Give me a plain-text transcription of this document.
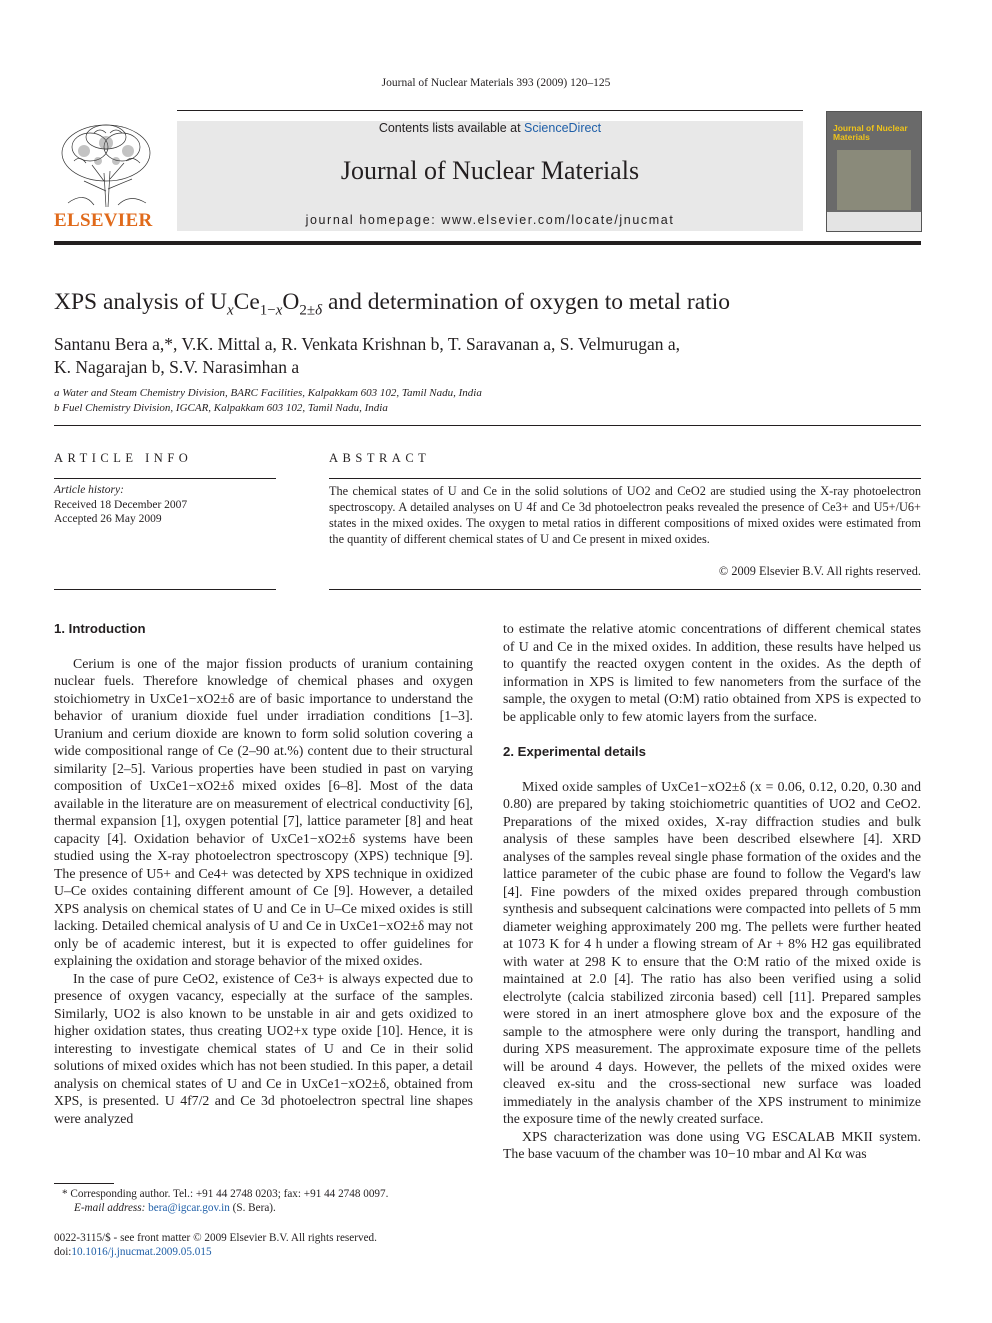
Journal of Nuclear Materials 393 (2009) 120–125
ELSEVIER
Contents lists available at ScienceDirect
Journal of Nuclear Materials
journal homepage: www.elsevier.com/locate/jnucmat
Journal of Nuclear Materials
XPS analysis of $U_xCe_{1-x}O_{2\pm\delta}$ and determination of oxygen to metal ratio
Santanu Bera a,*, V.K. Mittal a, R. Venkata Krishnan b, T. Saravanan a, S. Velmurugan a,
K. Nagarajan b, S.V. Narasimhan a
a Water and Steam Chemistry Division, BARC Facilities, Kalpakkam 603 102, Tamil Nadu, India
b Fuel Chemistry Division, IGCAR, Kalpakkam 603 102, Tamil Nadu, India
ARTICLE INFO
Article history:
Received 18 December 2007
Accepted 26 May 2009
ABSTRACT
The chemical states of U and Ce in the solid solutions of UO2 and CeO2 are studied using the X-ray photoelectron spectroscopy. A detailed analyses on U 4f and Ce 3d photoelectron peaks revealed the presence of Ce3+ and U5+/U6+ states in the mixed oxides. The oxygen to metal ratios in different compositions of mixed oxides were estimated from the quantity of different chemical states of U and Ce present in mixed oxides.
© 2009 Elsevier B.V. All rights reserved.
1. Introduction

Cerium is one of the major fission products of uranium containing nuclear fuels. Therefore knowledge of chemical phases and oxygen stoichiometry in UxCe1−xO2±δ are of basic importance to understand the behavior of uranium dioxide fuel under irradiation conditions [1–3]. Uranium and cerium dioxide are known to form solid solution covering a wide compositional range of Ce (2–90 at.%) content due to their structural similarity [2–5]. Various properties have been studied in past on varying composition of UxCe1−xO2±δ mixed oxides [6–8]. Most of the data available in the literature are on measurement of electrical conductivity [6], thermal expansion [1], oxygen potential [7], lattice parameter [8] and heat capacity [4]. Oxidation behavior of UxCe1−xO2±δ systems have been studied using the X-ray photoelectron spectroscopy (XPS) technique [9]. The presence of U5+ and Ce4+ was detected by XPS technique in oxidized U–Ce oxides containing different amount of Ce [9]. However, a detailed XPS analysis on chemical states of U and Ce in U–Ce mixed oxides is still lacking. Detailed chemical analysis of U and Ce in UxCe1−xO2±δ may not only be of academic interest, but it is expected to offer guidelines for explaining the oxidation and storage behavior of the mixed oxides.

In the case of pure CeO2, existence of Ce3+ is always expected due to presence of oxygen vacancy, especially at the surface of the samples. Similarly, UO2 is also known to be unstable in air and gets oxidized to higher oxidation states, thus creating UO2+x type oxide [10]. Hence, it is interesting to investigate chemical states of U and Ce in their solid solutions of mixed oxides which has not been studied. In this paper, a detail analysis on chemical states of U and Ce in UxCe1−xO2±δ, obtained from XPS, is presented. U 4f7/2 and Ce 3d photoelectron spectral line shapes were analyzed

to estimate the relative atomic concentrations of different chemical states of U and Ce in the mixed oxides. In addition, these results have helped us to quantify the reacted oxygen content in the oxides. As the depth of information in XPS is limited to few nanometers from the surface of the sample, the oxygen to metal (O:M) ratio obtained from XPS is expected to be applicable only to few atomic layers from the surface.

2. Experimental details

Mixed oxide samples of UxCe1−xO2±δ (x = 0.06, 0.12, 0.20, 0.30 and 0.80) are prepared by taking stoichiometric quantities of UO2 and CeO2. Preparations of the mixed oxides, X-ray diffraction studies and bulk analysis of these samples have been described elsewhere [4]. XRD analyses of the samples reveal single phase formation of the oxides and the lattice parameter of the cubic phase are found to follow the Vegard's law [4]. Fine powders of the mixed oxides prepared through combustion synthesis and subsequent calcinations were compacted into pellets of 5 mm diameter weighing approximately 200 mg. The pellets were further heated at 1073 K for 4 h under a flowing stream of Ar + 8% H2 gas equilibrated with water at 298 K to ensure that the O:M ratio of the mixed oxide is maintained at 2.0 [4]. The ratio has also been verified using a solid electrolyte (calcia stabilized zirconia based) cell [11]. Prepared samples were stored in an inert atmosphere glove box and the exposure of the sample to the atmosphere were only during the transport, handling and during XPS measurement. The approximate exposure time of the pellets will be around 4 days. However, the pellets of the mixed oxides were cleaved ex-situ and the cross-sectional new surface was loaded immediately in the analysis chamber of the XPS instrument to minimize the exposure time of the newly created surface.

XPS characterization was done using VG ESCALAB MKII system. The base vacuum of the chamber was 10−10 mbar and Al Kα was

* Corresponding author. Tel.: +91 44 2748 0203; fax: +91 44 2748 0097.
E-mail address: bera@igcar.gov.in (S. Bera).
0022-3115/$ - see front matter © 2009 Elsevier B.V. All rights reserved.
doi:10.1016/j.jnucmat.2009.05.015
